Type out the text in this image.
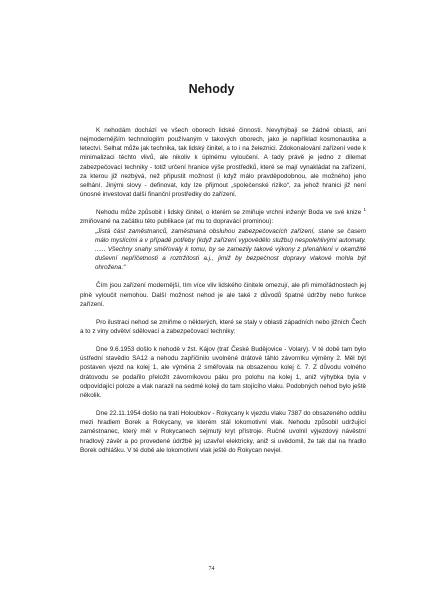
Nehody

K nehodám dochází ve všech oborech lidské činnosti. Nevyhýbají se žádné oblasti, ani nejmodernějším technologiím používaným v takových oborech, jako je například kosmonautika a letectví. Selhat může jak technika, tak lidský činitel, a to i na železnici. Zdokonalování zařízení vede k minimalizaci těchto vlivů, ale nikoliv k úplnému vyloučení. A tady právě je jedno z dilemat zabezpečovací techniky - totiž určení hranice výše prostředků, které se mají vynakládat na zařízení, za kterou již nezbývá, než připustit možnost (i když málo pravděpodobnou, ale možného) jeho selhání. Jinými slovy - definovat, kdy lze přijmout „společenské riziko“, za jehož hranici již není únosné investovat další finanční prostředky do zařízení.

Nehodu může způsobit i lidský činitel, o kterém se zmiňuje vrchní inženýr Boda ve své knize $^1$ zmiňované na začátku této publikace (ať mu to dopravácí prominou):

„Jistá část zaměstnanců, zaměstnaná obsluhou zabezpečovacích zařízení, stane se časem málo myslícími a v případě potřeby (když zařízení vypovědělo službu) nespolehlivými automaty. ...... Všechny snahy směřovaly k tomu, by se zamezily takové výkony z přenáhlení v okamžité duševní nepříčetnosti a roztržitosti a.j., jimiž by bezpečnost dopravy vlakové mohla být ohrožena.“

Čím jsou zařízení modernější, tím více vliv lidského činitele omezují, ale při mimořádnostech jej plně vyloučit nemohou. Další možnost nehod je ale také z důvodů špatné údržby nebo funkce zařízení.

Pro ilustraci nehod se zmiňme o některých, které se staly v oblasti západních nebo jižních Čech a to z viny odvětví sdělovací a zabezpečovací techniky:

Dne 9.6.1953 došlo k nehodě v žst. Kájov (trať České Budějovice - Volary). V té době tam bylo ústřední stavědlo SA12 a nehodu zapříčinilo uvolněné drátové táhlo závorníku výměny 2. Měl být postaven vjezd na kolej 1, ale výměna 2 směřovala na obsazenou kolej č. 7. Z důvodu volného drátovodu se podařilo přeložit závorníkovou páku pro polohu na kolej 1, aniž výhybka byla v odpovídající poloze a vlak narazil na sedmé koleji do tam stojícího vlaku. Podobných nehod bylo ještě několik.

Dne 22.11.1954 došlo na trati Holoubkov - Rokycany k vjezdu vlaku 7387 do obsazeného oddílu mezi hradlem Borek a Rokycany, ve kterém stál lokomotivní vlak. Nehodu způsobil udržující zaměstnanec, který měl v Rokycanech sejmutý kryt přístroje. Ručně uvolnil výjezdový návěstní hradlový závěr a po provedené údržbě jej uzavřel elektricky, aniž si uvědomil, že tak dal na hradlo Borek odhlášku. V té době ale lokomotivní vlak ještě do Rokycan nevjel.

74
